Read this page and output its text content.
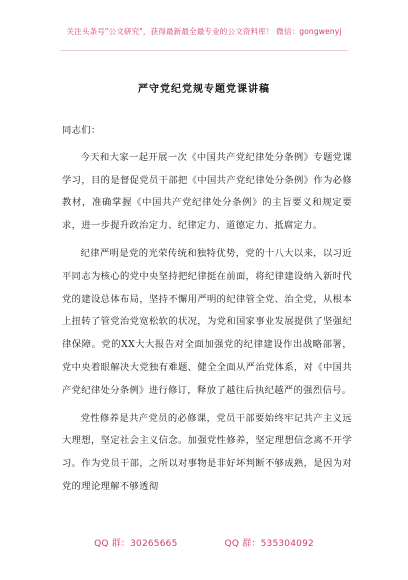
关注头条号"公文研究"，获得最新最全最专业的公文资料库！ 微信：gongwenyj
严守党纪党规专题党课讲稿

同志们：

今天和大家一起开展一次《中国共产党纪律处分条例》专题党课学习，目的是督促党员干部把《中国共产党纪律处分条例》作为必修教材，准确掌握《中国共产党纪律处分条例》的主旨要义和规定要求，进一步提升政治定力、纪律定力、道德定力、抵腐定力。

纪律严明是党的光荣传统和独特优势，党的十八大以来，以习近平同志为核心的党中央坚持把纪律挺在前面，将纪律建设纳入新时代党的建设总体布局，坚持不懈用严明的纪律管全党、治全党，从根本上扭转了管党治党宽松软的状况，为党和国家事业发展提供了坚强纪律保障。党的XX大大报告对全面加强党的纪律建设作出战略部署，党中央着眼解决大党独有难题、健全全面从严治党体系，对《中国共产党纪律处分条例》进行修订，释放了越往后执纪越严的强烈信号。

党性修养是共产党员的必修课，党员干部要始终牢记共产主义远大理想，坚定社会主义信念。加强党性修养，坚定理想信念离不开学习。作为党员干部，之所以对事物是非好坏判断不够成熟，是因为对党的理论理解不够透彻

QQ 群：30265665	QQ 群：535304092
